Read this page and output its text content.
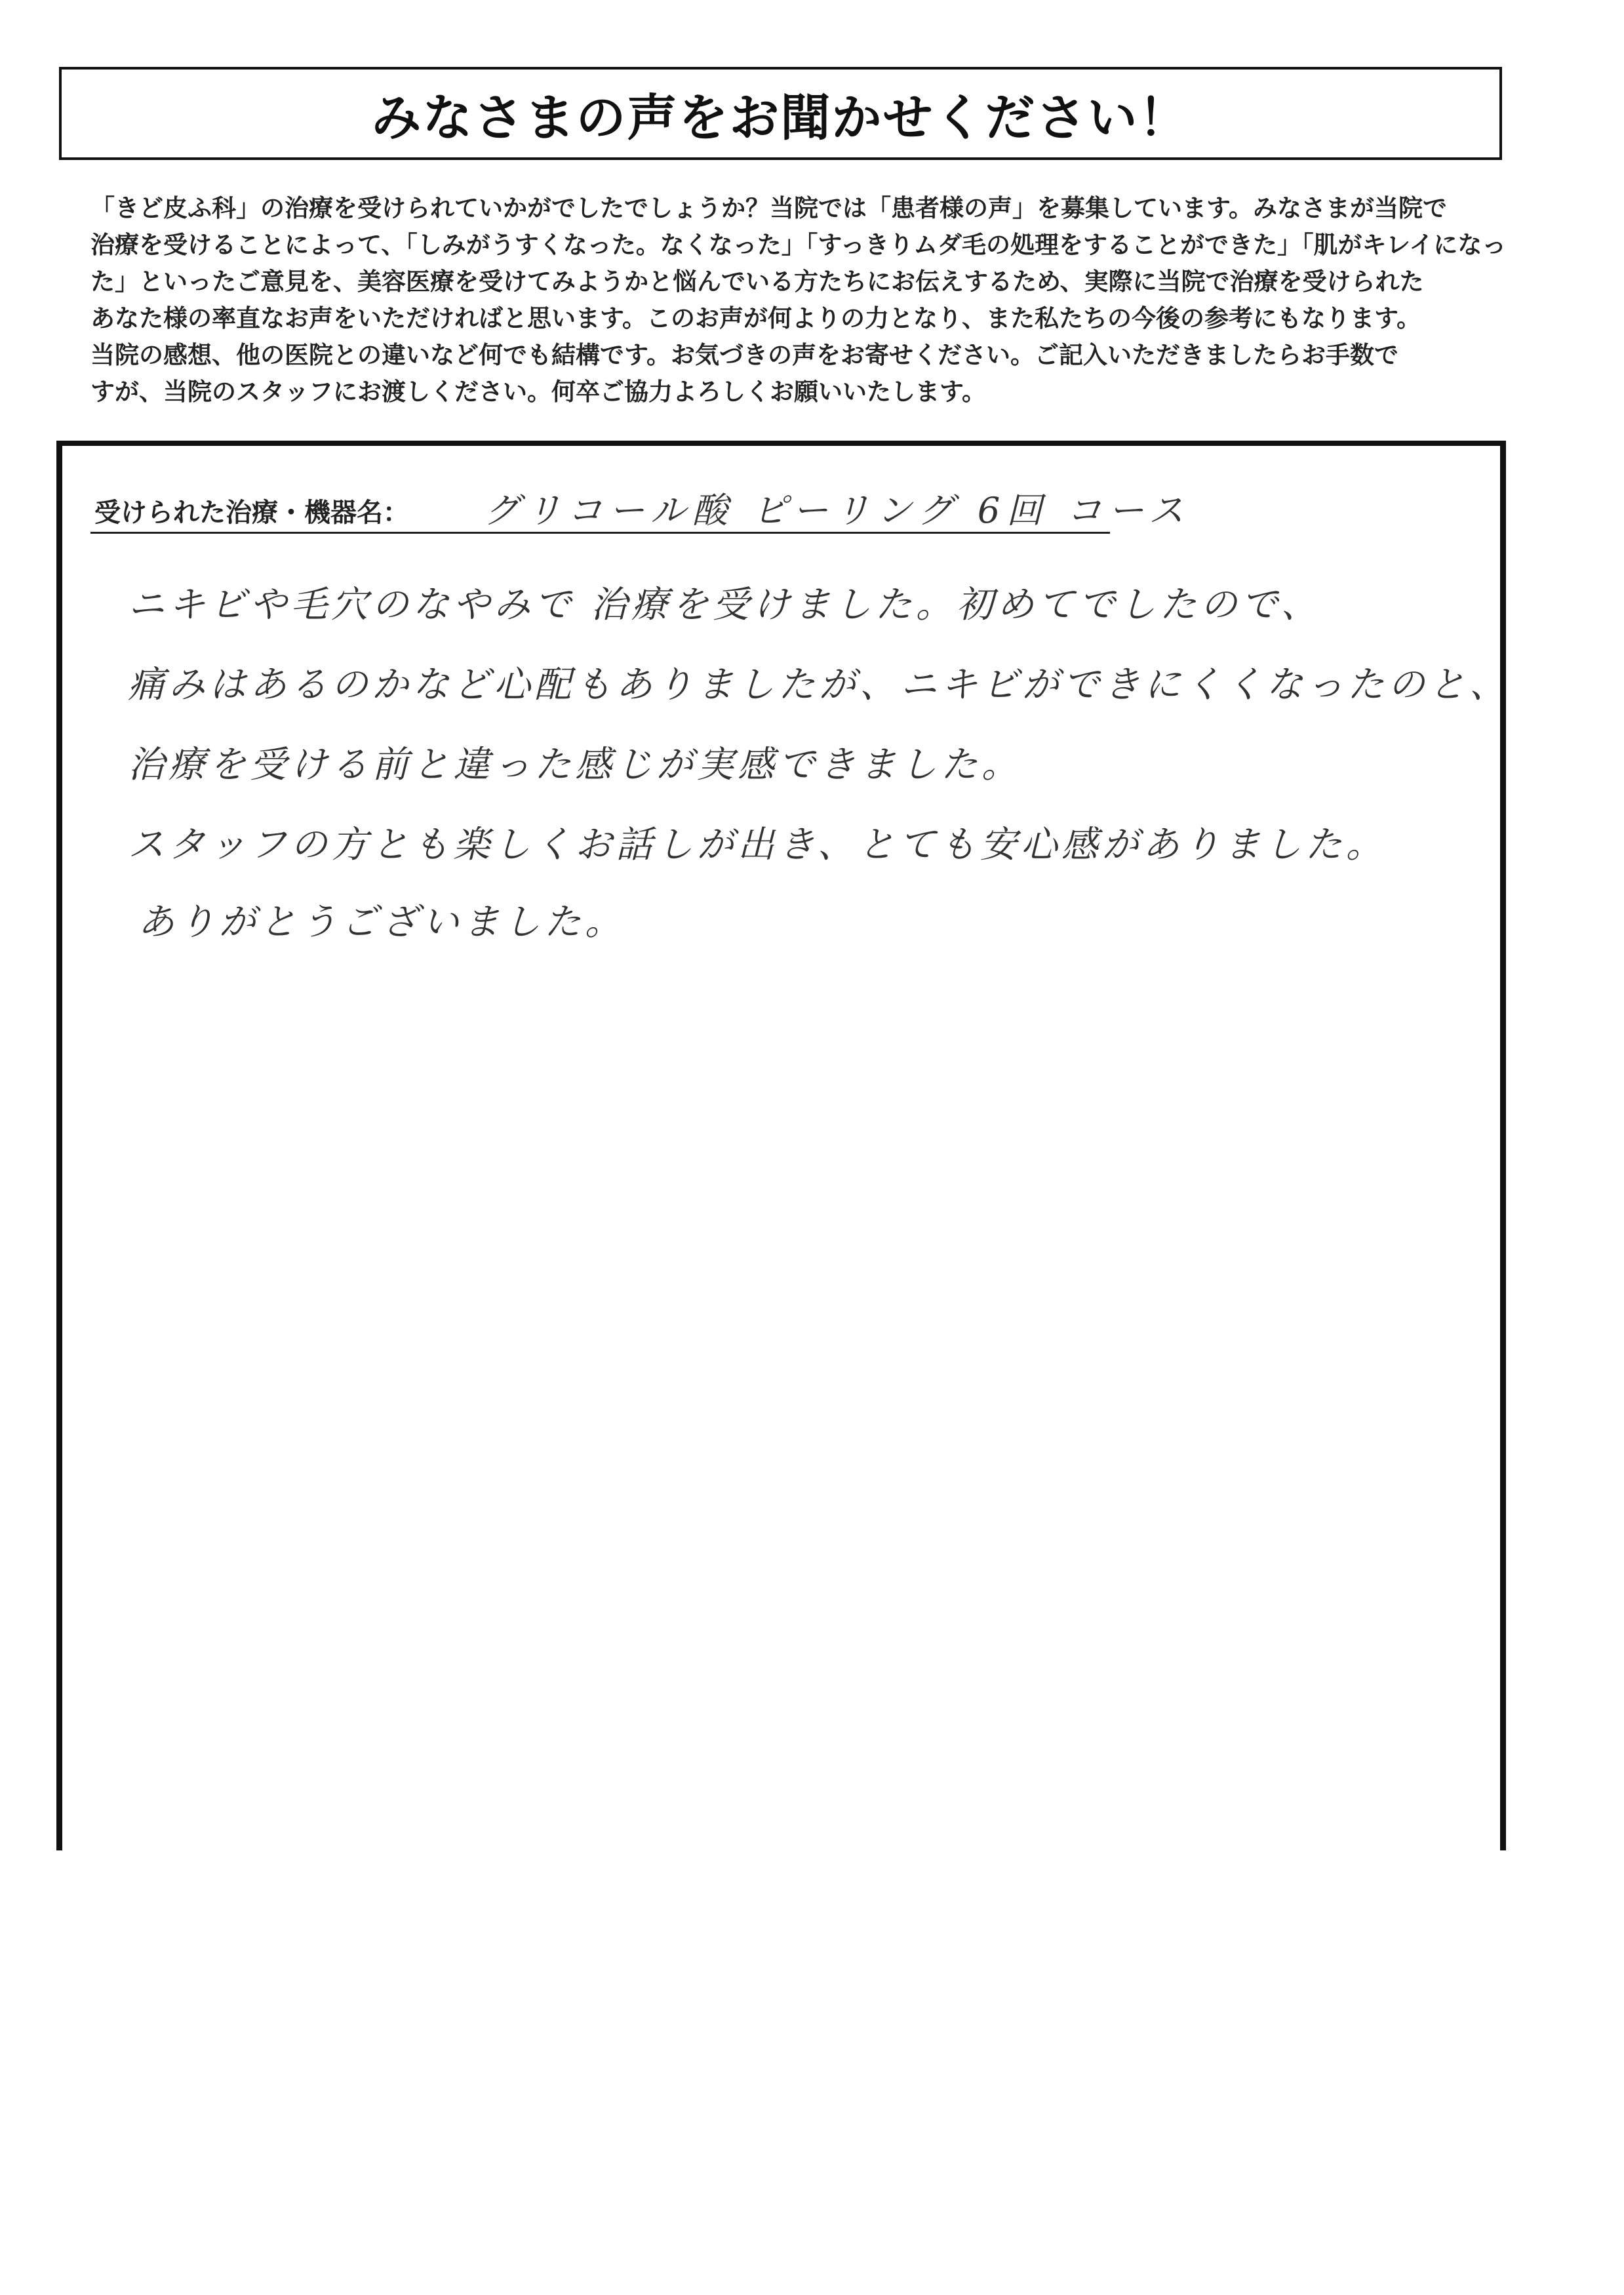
みなさまの声をお聞かせください！
「きど皮ふ科」の治療を受けられていかがでしたでしょうか？当院では「患者様の声」を募集しています。みなさまが当院で
治療を受けることによって、「しみがうすくなった。なくなった」「すっきりムダ毛の処理をすることができた」「肌がキレイになっ
た」といったご意見を、美容医療を受けてみようかと悩んでいる方たちにお伝えするため、実際に当院で治療を受けられた
あなた様の率直なお声をいただければと思います。このお声が何よりの力となり、また私たちの今後の参考にもなります。
当院の感想、他の医院との違いなど何でも結構です。お気づきの声をお寄せください。ご記入いただきましたらお手数で
すが、当院のスタッフにお渡しください。何卒ご協力よろしくお願いいたします。
受けられた治療・機器名： グリコール酸 ピーリング 6回 コース
ニキビや毛穴のなやみで 治療を受けました。初めてでしたので、
痛みはあるのかなど心配もありましたが、ニキビができにくくなったのと、
治療を受ける前と違った感じが実感できました。
スタッフの方とも楽しくお話しが出き、とても安心感がありました。
ありがとうございました。
